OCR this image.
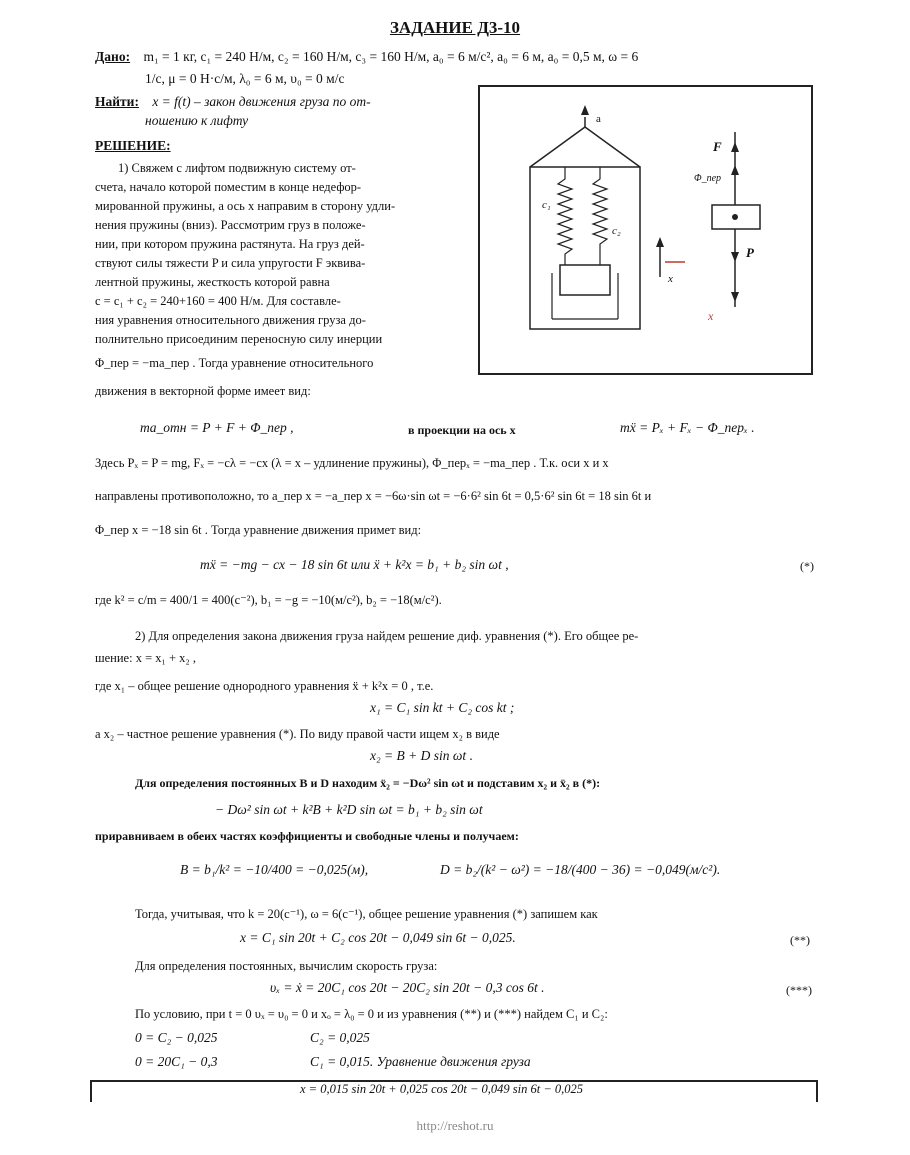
ЗАДАНИЕ Д3-10
Дано: m₁ = 1 кг, c₁ = 240 Н/м, c₂ = 160 Н/м, c₃ = 160 Н/м, a₀ = 6 м/с², a₀ = 6 м, a₀ = 0,5 м, ω = 6
1/с, μ = 0 Н·с/м, λ₀ = 6 м, υ₀ = 0 м/с
Найти: x = f(t) – закон движения груза по от-
ношению к лифту
РЕШЕНИЕ:
1) Свяжем с лифтом подвижную систему от-
счета, начало которой поместим в конце недефор-
мированной пружины, а ось x направим в сторону удли-
нения пружины (вниз). Рассмотрим груз в положе-
нии, при котором пружина растянута. На груз дей-
ствуют силы тяжести P и сила упругости F эквива-
лентной пружины, жесткость которой равна
c = c₁ + c₂ = 240+160 = 400 H/м. Для составле-
ния уравнения относительного движения груза до-
полнительно присоединим переносную силу инерции
Φ_пер = −ma_пер . Тогда уравнение относительного
движения в векторной форме имеет вид:
a
c₁
c₂
F
Φ_пер
P
x
x
ma_отн = P + F + Φ_пер ,	в проекции на ось x	mẍ = Pₓ + Fₓ − Φ_перₓ .
Здесь Pₓ = P = mg, Fₓ = −cλ = −cx (λ = x – удлинение пружины), Φ_перₓ = −ma_пер . Т.к. оси x и x
направлены противоположно, то a_пер x = −a_пер x = −6ω·sin ωt = −6·6² sin 6t = 0,5·6² sin 6t = 18 sin 6t и
Φ_пер x = −18 sin 6t . Тогда уравнение движения примет вид:
mẍ = −mg − cx − 18 sin 6t или ẍ + k²x = b₁ + b₂ sin ωt ,	(*)
где k² = c/m = 400/1 = 400(c⁻²), b₁ = −g = −10(м/с²), b₂ = −18(м/с²).
2) Для определения закона движения груза найдем решение диф. уравнения (*). Его общее ре-
шение: x = x₁ + x₂ ,
где x₁ – общее решение однородного уравнения ẍ + k²x = 0 , т.е.
x₁ = C₁ sin kt + C₂ cos kt ;
а x₂ – частное решение уравнения (*). По виду правой части ищем x₂ в виде
x₂ = B + D sin ωt .
Для определения постоянных B и D находим ẍ₂ = −Dω² sin ωt и подставим x₂ и ẍ₂ в (*):
− Dω² sin ωt + k²B + k²D sin ωt = b₁ + b₂ sin ωt
приравниваем в обеих частях коэффициенты и свободные члены и получаем:
B = b₁/k² = −10/400 = −0,025(м),	D = b₂/(k² − ω²) = −18/(400 − 36) = −0,049(м/с²).
Тогда, учитывая, что k = 20(c⁻¹), ω = 6(c⁻¹), общее решение уравнения (*) запишем как
x = C₁ sin 20t + C₂ cos 20t − 0,049 sin 6t − 0,025.	(**)
Для определения постоянных, вычислим скорость груза:
υₓ = ẋ = 20C₁ cos 20t − 20C₂ sin 20t − 0,3 cos 6t .	(***)
По условию, при t = 0 υₓ = υ₀ = 0 и xₒ = λ₀ = 0 и из уравнения (**) и (***) найдем C₁ и C₂:
0 = C₂ − 0,025	C₂ = 0,025
0 = 20C₁ − 0,3	C₁ = 0,015. Уравнение движения груза
x = 0,015 sin 20t + 0,025 cos 20t − 0,049 sin 6t − 0,025
http://reshot.ru
